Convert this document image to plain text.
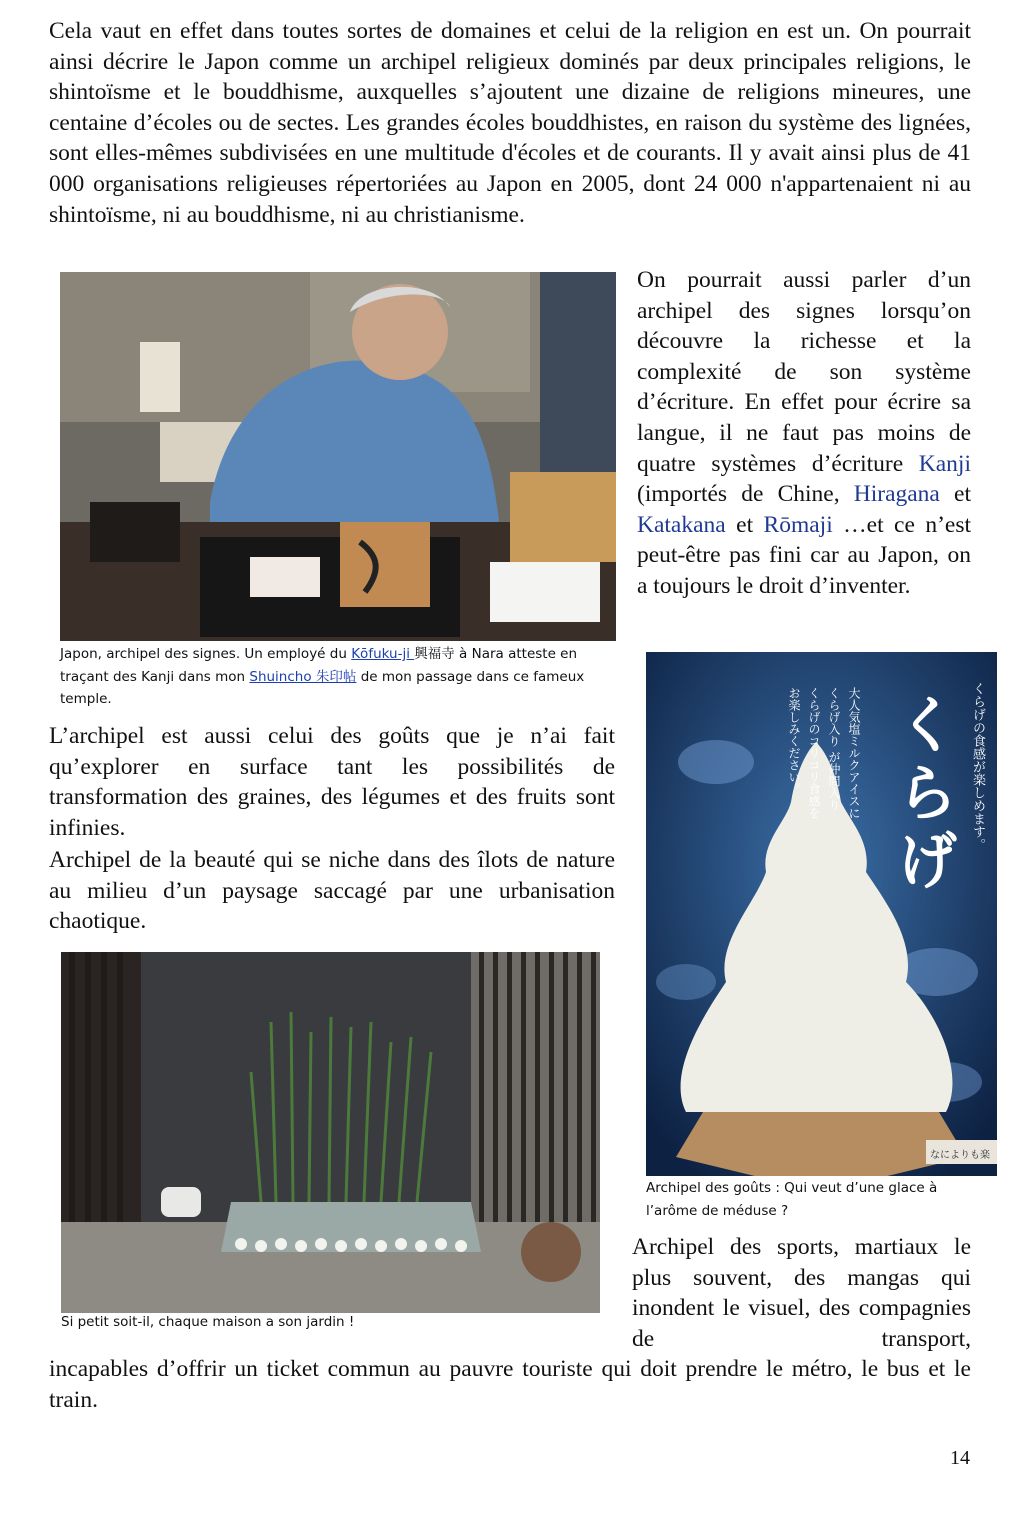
Cela vaut en effet dans toutes sortes de domaines et celui de la religion en est un. On pourrait ainsi décrire le Japon comme un archipel religieux dominés par deux principales religions, le shintoïsme et le bouddhisme, auxquelles s’ajoutent une dizaine de religions mineures, une centaine d’écoles ou de sectes. Les grandes écoles bouddhistes, en raison du système des lignées, sont elles-mêmes subdivisées en une multitude d'écoles et de courants. Il y avait ainsi plus de 41 000 organisations religieuses répertoriées au Japon en 2005, dont 24 000 n'appartenaient ni au shintoïsme, ni au bouddhisme, ni au christianisme.

Japon, archipel des signes. Un employé du Kōfuku-ji 興福寺 à Nara atteste en traçant des Kanji dans mon Shuincho 朱印帖 de mon passage dans ce fameux temple.

On pourrait aussi parler d’un archipel des signes lorsqu’on découvre la richesse et la complexité de son système d’écriture. En effet pour écrire sa langue, il ne faut pas moins de quatre systèmes d’écriture Kanji (importés de Chine, Hiragana et Katakana et Rōmaji …et ce n’est peut-être pas fini car au Japon, on a toujours le droit d’inventer.

なによりも楽
くらげ くらげの食感が楽しめます。
大人気塩ミルクアイスに
くらげ入り が仲間入り
くらげのコリコリ食感を
お楽しみください。

Archipel des goûts : Qui veut d’une glace à l’arôme de méduse ?

L’archipel est aussi celui des goûts que je n’ai fait qu’explorer en surface tant les possibilités de transformation des graines, des légumes et des fruits sont infinies.

Archipel de la beauté qui se niche dans des îlots de nature au milieu d’un paysage saccagé par une urbanisation chaotique.

Si petit soit-il, chaque maison a son jardin !

Archipel des sports, martiaux le plus souvent, des mangas qui inondent le visuel, des compagnies de transport,

incapables d’offrir un ticket commun au pauvre touriste qui doit prendre le métro, le bus et le train.

14
